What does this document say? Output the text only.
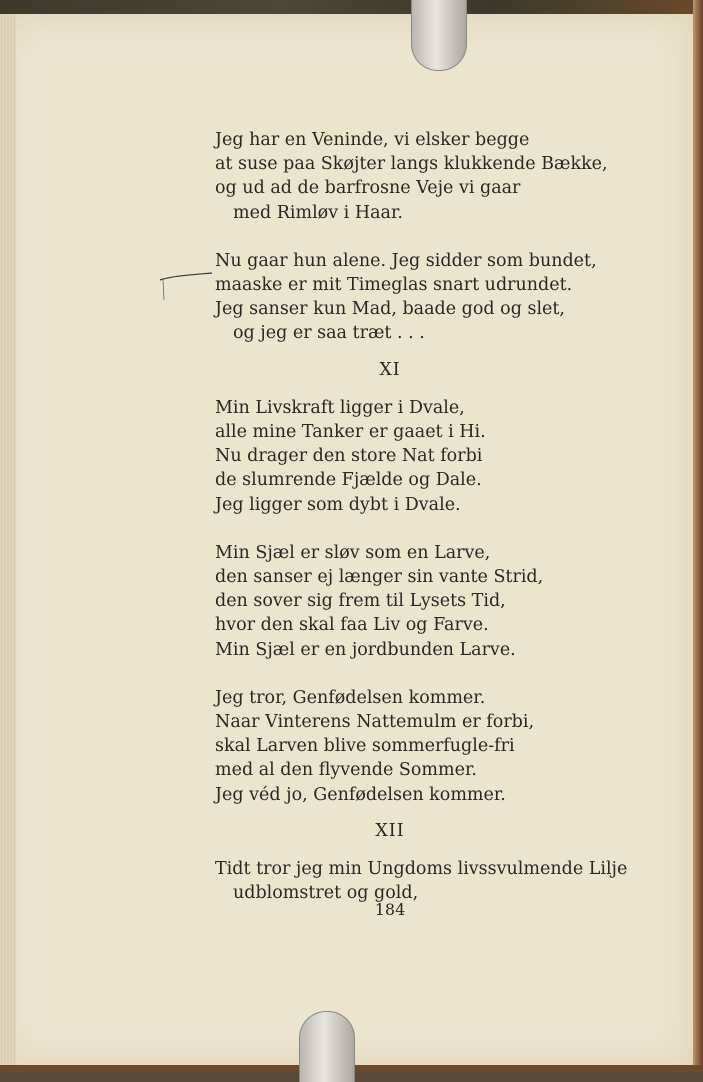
Jeg har en Veninde, vi elsker begge
at suse paa Skøjter langs klukkende Bække,
og ud ad de barfrosne Veje vi gaar
med Rimløv i Haar.
Nu gaar hun alene. Jeg sidder som bundet,
maaske er mit Timeglas snart udrundet.
Jeg sanser kun Mad, baade god og slet,
og jeg er saa træt . . .
XI
Min Livskraft ligger i Dvale,
alle mine Tanker er gaaet i Hi.
Nu drager den store Nat forbi
de slumrende Fjælde og Dale.
Jeg ligger som dybt i Dvale.
Min Sjæl er sløv som en Larve,
den sanser ej længer sin vante Strid,
den sover sig frem til Lysets Tid,
hvor den skal faa Liv og Farve.
Min Sjæl er en jordbunden Larve.
Jeg tror, Genfødelsen kommer.
Naar Vinterens Nattemulm er forbi,
skal Larven blive sommerfugle-fri
med al den flyvende Sommer.
Jeg véd jo, Genfødelsen kommer.
XII
Tidt tror jeg min Ungdoms livssvulmende Lilje
udblomstret og gold,
184
